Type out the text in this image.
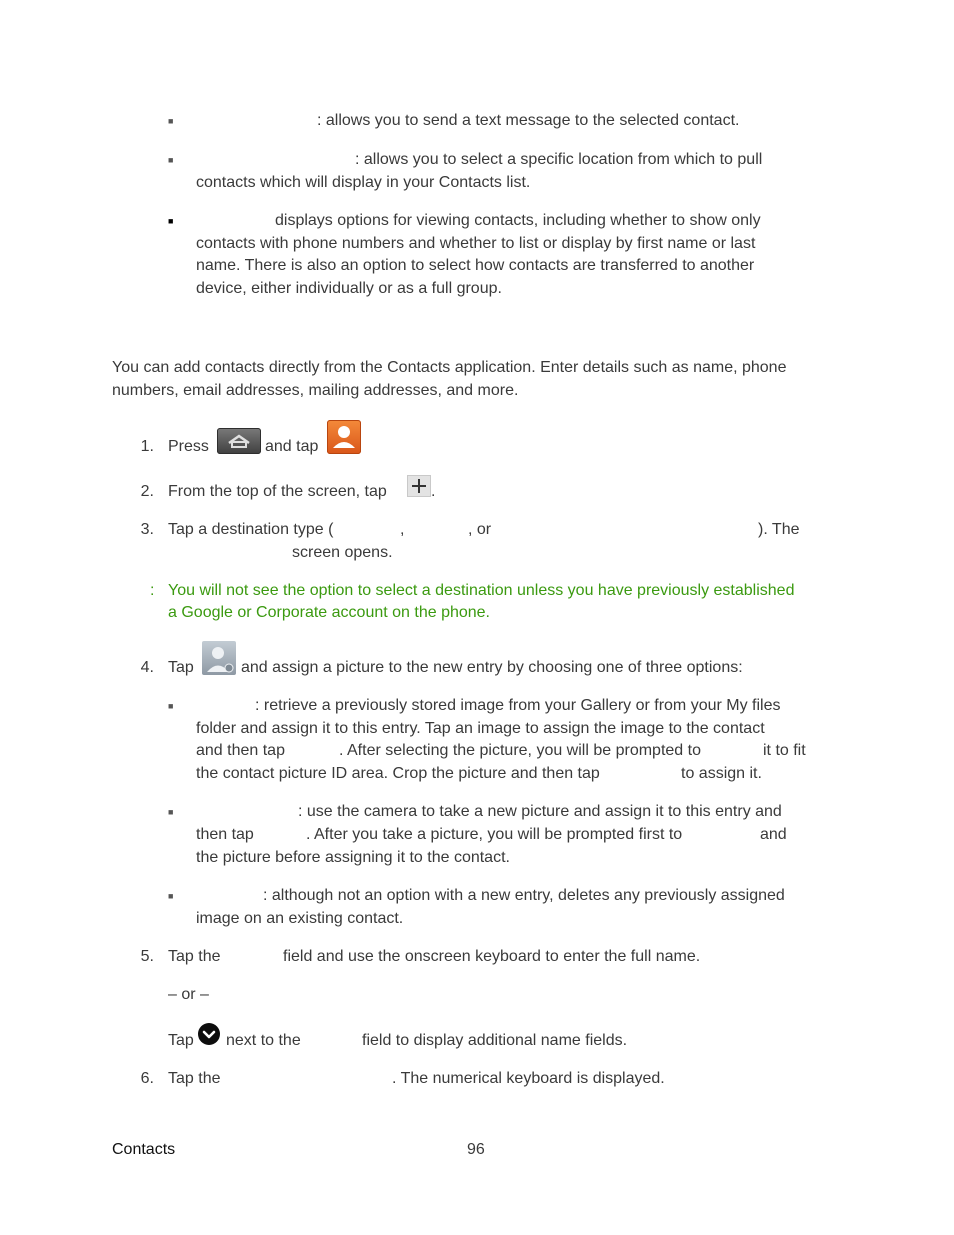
■	: allows you to send a text message to the selected contact.
■	: allows you to select a specific location from which to pull
contacts which will display in your Contacts list.
■	displays options for viewing contacts, including whether to show only
contacts with phone numbers and whether to list or display by first name or last
name. There is also an option to select how contacts are transferred to another
device, either individually or as a full group.
You can add contacts directly from the Contacts application. Enter details such as name, phone
numbers, email addresses, mailing addresses, and more.
1. Press	and tap
2. From the top of the screen, tap	.
3. Tap a destination type (	,	, or	). The
screen opens.
: You will not see the option to select a destination unless you have previously established
a Google or Corporate account on the phone.
4. Tap	and assign a picture to the new entry by choosing one of three options:
■	: retrieve a previously stored image from your Gallery or from your My files
folder and assign it to this entry. Tap an image to assign the image to the contact
and then tap	. After selecting the picture, you will be prompted to	it to fit
the contact picture ID area. Crop the picture and then tap	to assign it.
■	: use the camera to take a new picture and assign it to this entry and
then tap	. After you take a picture, you will be prompted first to	and
the picture before assigning it to the contact.
■	: although not an option with a new entry, deletes any previously assigned
image on an existing contact.
5. Tap the	field and use the onscreen keyboard to enter the full name.
– or –
Tap next to the	field to display additional name fields.
6. Tap the	. The numerical keyboard is displayed.
Contacts	96
